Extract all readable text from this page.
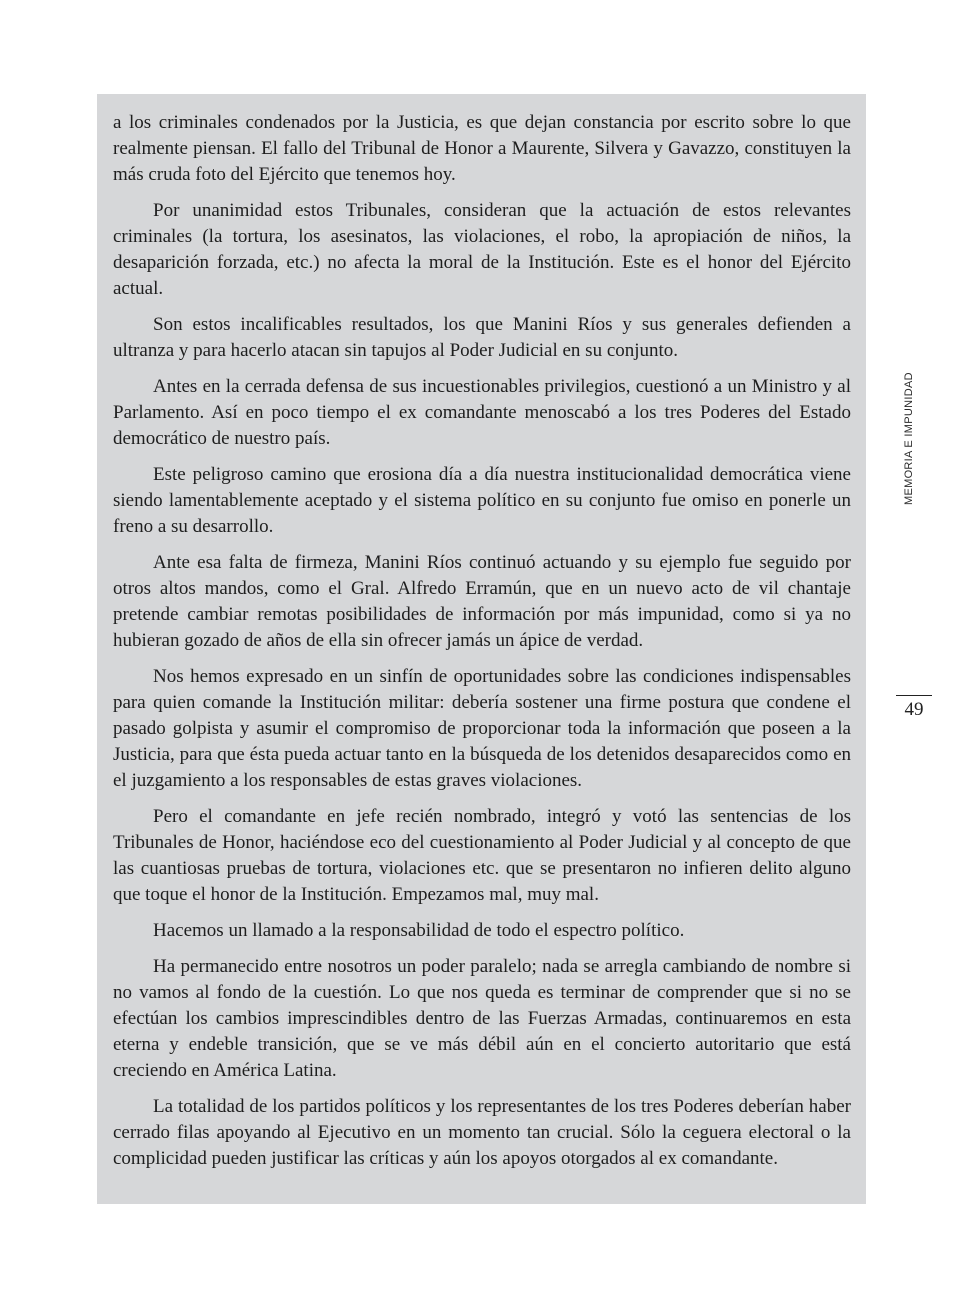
a los criminales condenados por la Justicia, es que dejan constancia por escrito sobre lo que realmente piensan. El fallo del Tribunal de Honor a Maurente, Silvera y Gavazzo, constituyen la más cruda foto del Ejército que tenemos hoy.

Por unanimidad estos Tribunales, consideran que la actuación de estos relevantes criminales (la tortura, los asesinatos, las violaciones, el robo, la apropiación de niños, la desaparición forzada, etc.) no afecta la moral de la Institución. Este es el honor del Ejército actual.

Son estos incalificables resultados, los que Manini Ríos y sus generales defienden a ultranza y para hacerlo atacan sin tapujos al Poder Judicial en su conjunto.

Antes en la cerrada defensa de sus incuestionables privilegios, cuestionó a un Ministro y al Parlamento. Así en poco tiempo el ex comandante menoscabó a los tres Poderes del Estado democrático de nuestro país.

Este peligroso camino que erosiona día a día nuestra institucionalidad democrática viene siendo lamentablemente aceptado y el sistema político en su conjunto fue omiso en ponerle un freno a su desarrollo.

Ante esa falta de firmeza, Manini Ríos continuó actuando y su ejemplo fue seguido por otros altos mandos, como el Gral. Alfredo Erramún, que en un nuevo acto de vil chantaje pretende cambiar remotas posibilidades de información por más impunidad, como si ya no hubieran gozado de años de ella sin ofrecer jamás un ápice de verdad.

Nos hemos expresado en un sinfín de oportunidades sobre las condiciones indispensables para quien comande la Institución militar: debería sostener una firme postura que condene el pasado golpista y asumir el compromiso de proporcionar toda la información que poseen a la Justicia, para que ésta pueda actuar tanto en la búsqueda de los detenidos desaparecidos como en el juzgamiento a los responsables de estas graves violaciones.

Pero el comandante en jefe recién nombrado, integró y votó las sentencias de los Tribunales de Honor, haciéndose eco del cuestionamiento al Poder Judicial y al concepto de que las cuantiosas pruebas de tortura, violaciones etc. que se presentaron no infieren delito alguno que toque el honor de la Institución. Empezamos mal, muy mal.

Hacemos un llamado a la responsabilidad de todo el espectro político.

Ha permanecido entre nosotros un poder paralelo; nada se arregla cambiando de nombre si no vamos al fondo de la cuestión. Lo que nos queda es terminar de comprender que si no se efectúan los cambios imprescindibles dentro de las Fuerzas Armadas, continuaremos en esta eterna y endeble transición, que se ve más débil aún en el concierto autoritario que está creciendo en América Latina.

La totalidad de los partidos políticos y los representantes de los tres Poderes deberían haber cerrado filas apoyando al Ejecutivo en un momento tan crucial. Sólo la ceguera electoral o la complicidad pueden justificar las críticas y aún los apoyos otorgados al ex comandante.

MEMORIA E IMPUNIDAD
49
